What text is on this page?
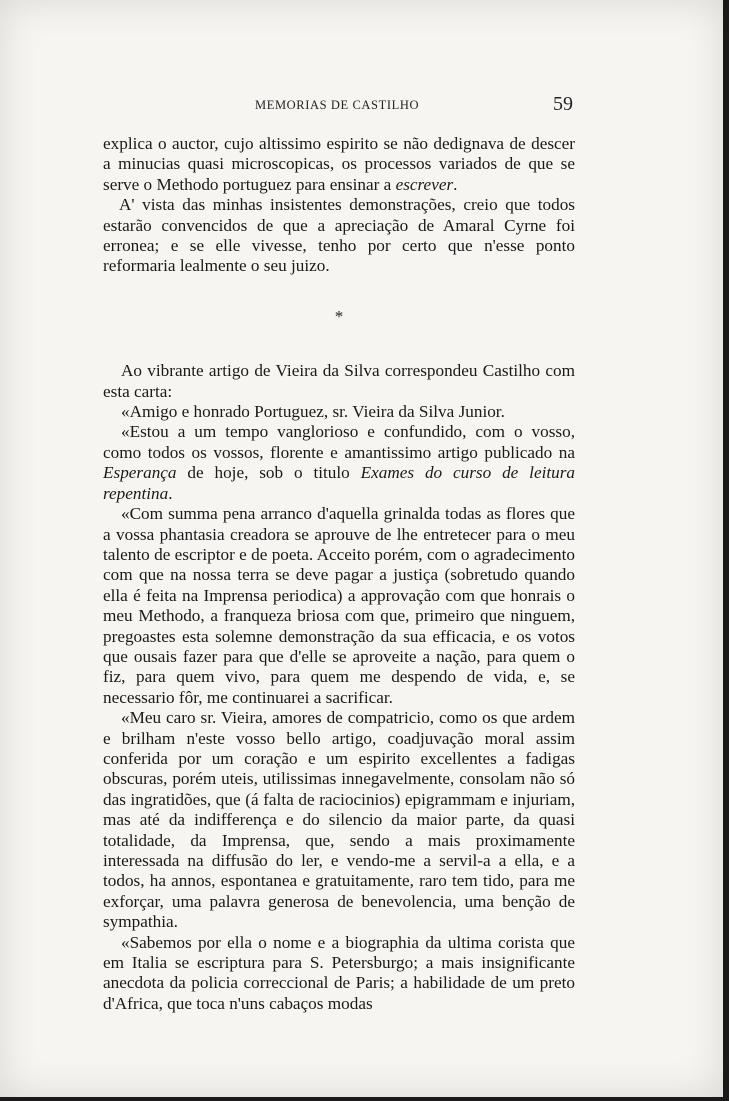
MEMORIAS DE CASTILHO	59

explica o auctor, cujo altissimo espirito se não dedignava de descer a minucias quasi microscopicas, os processos variados de que se serve o Methodo portuguez para ensinar a escrever.

A' vista das minhas insistentes demonstrações, creio que todos estarão convencidos de que a apreciação de Amaral Cyrne foi erronea; e se elle vivesse, tenho por certo que n'esse ponto reformaria lealmente o seu juizo.

*

Ao vibrante artigo de Vieira da Silva correspondeu Castilho com esta carta:

«Amigo e honrado Portuguez, sr. Vieira da Silva Junior.

«Estou a um tempo vanglorioso e confundido, com o vosso, como todos os vossos, florente e amantissimo artigo publicado na Esperança de hoje, sob o titulo Exames do curso de leitura repentina.

«Com summa pena arranco d'aquella grinalda todas as flores que a vossa phantasia creadora se aprouve de lhe entretecer para o meu talento de escriptor e de poeta. Acceito porém, com o agradecimento com que na nossa terra se deve pagar a justiça (sobretudo quando ella é feita na Imprensa periodica) a approvação com que honrais o meu Methodo, a franqueza briosa com que, primeiro que ninguem, pregoastes esta solemne demonstração da sua efficacia, e os votos que ousais fazer para que d'elle se aproveite a nação, para quem o fiz, para quem vivo, para quem me despendo de vida, e, se necessario fôr, me continuarei a sacrificar.

«Meu caro sr. Vieira, amores de compatricio, como os que ardem e brilham n'este vosso bello artigo, coadjuvação moral assim conferida por um coração e um espirito excellentes a fadigas obscuras, porém uteis, utilissimas innegavelmente, consolam não só das ingratidões, que (á falta de raciocinios) epigrammam e injuriam, mas até da indifferença e do silencio da maior parte, da quasi totalidade, da Imprensa, que, sendo a mais proximamente interessada na diffusão do ler, e vendo-me a servil-a a ella, e a todos, ha annos, espontanea e gratuitamente, raro tem tido, para me exforçar, uma palavra generosa de benevolencia, uma benção de sympathia.

«Sabemos por ella o nome e a biographia da ultima corista que em Italia se escriptura para S. Petersburgo; a mais insignificante anecdota da policia correccional de Paris; a habilidade de um preto d'Africa, que toca n'uns cabaços modas
